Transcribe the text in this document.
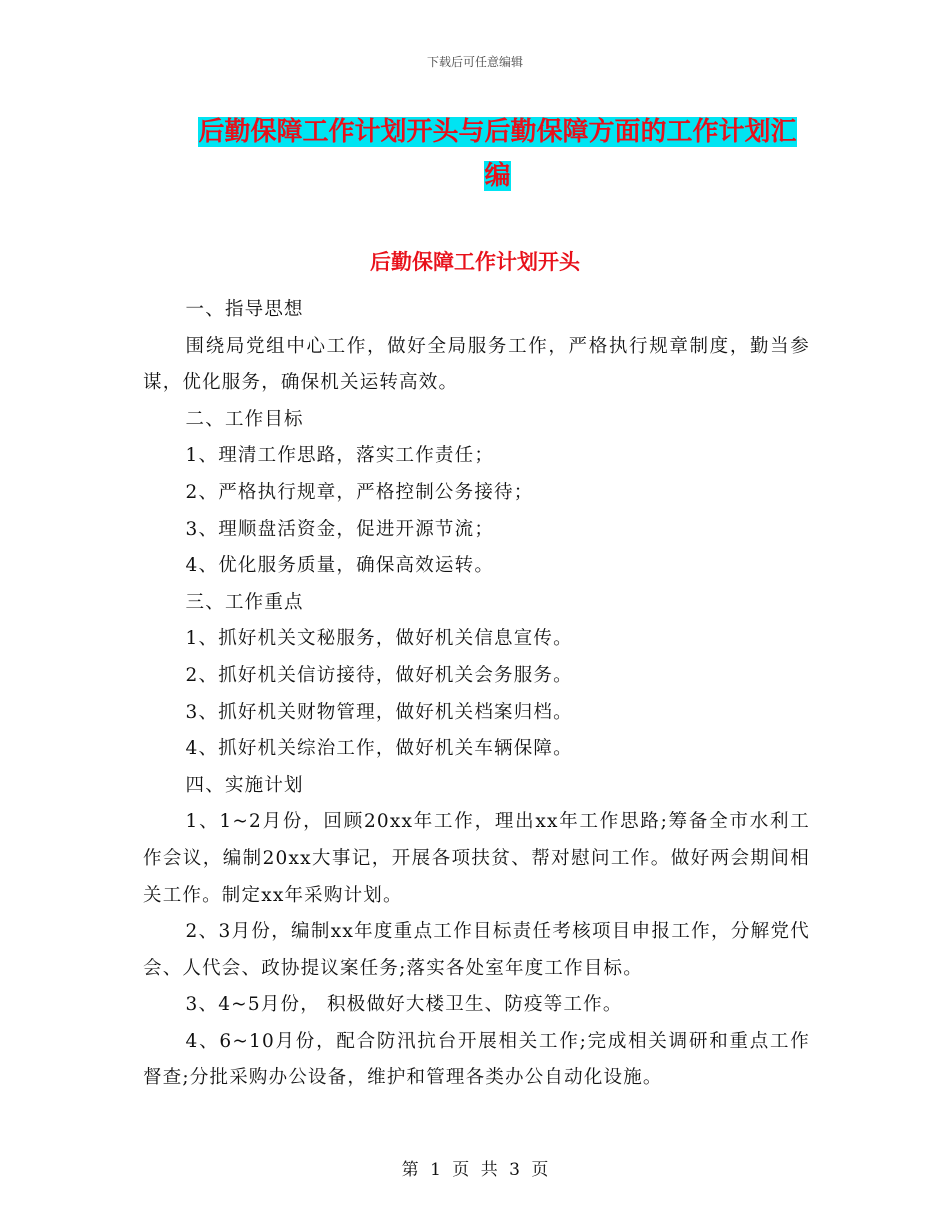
下载后可任意编辑
后勤保障工作计划开头与后勤保障方面的工作计划汇
编
后勤保障工作计划开头

一、指导思想

围绕局党组中心工作，做好全局服务工作，严格执行规章制度，勤当参谋，优化服务，确保机关运转高效。

二、工作目标

1、理清工作思路，落实工作责任；

2、严格执行规章，严格控制公务接待；

3、理顺盘活资金，促进开源节流；

4、优化服务质量，确保高效运转。

三、工作重点

1、抓好机关文秘服务，做好机关信息宣传。

2、抓好机关信访接待，做好机关会务服务。

3、抓好机关财物管理，做好机关档案归档。

4、抓好机关综治工作，做好机关车辆保障。

四、实施计划

1、1~2月份，回顾20xx年工作，理出xx年工作思路;筹备全市水利工作会议，编制20xx大事记，开展各项扶贫、帮对慰问工作。做好两会期间相关工作。制定xx年采购计划。

2、3月份，编制xx年度重点工作目标责任考核项目申报工作，分解党代会、人代会、政协提议案任务;落实各处室年度工作目标。

3、4~5月份， 积极做好大楼卫生、防疫等工作。

4、6~10月份，配合防汛抗台开展相关工作;完成相关调研和重点工作督查;分批采购办公设备，维护和管理各类办公自动化设施。

第 1 页 共 3 页
